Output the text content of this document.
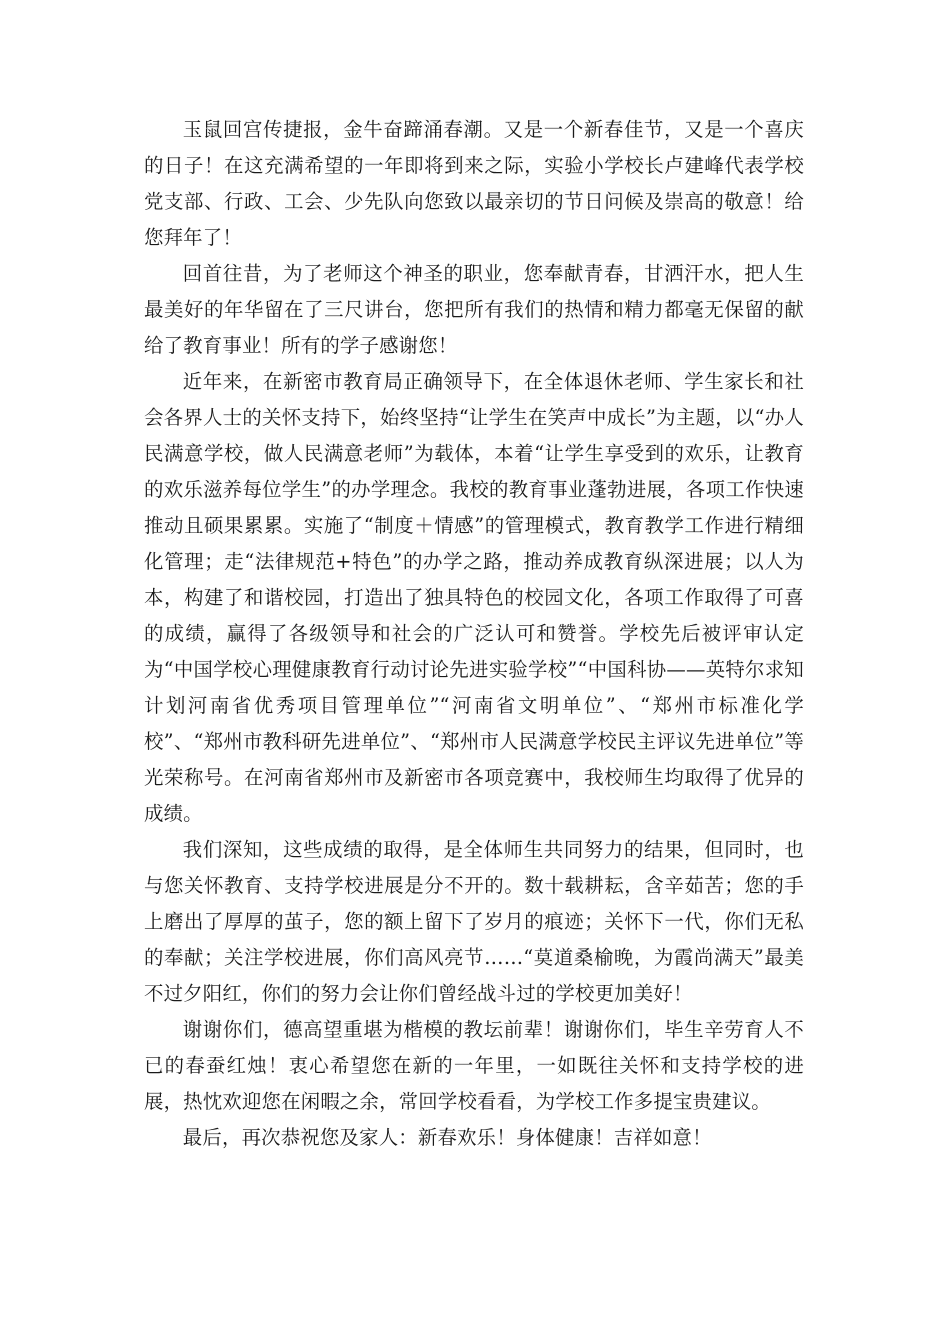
玉鼠回宫传捷报，金牛奋蹄涌春潮。又是一个新春佳节，又是一个喜庆的日子！在这充满希望的一年即将到来之际，实验小学校长卢建峰代表学校党支部、行政、工会、少先队向您致以最亲切的节日问候及崇高的敬意！给您拜年了！

回首往昔，为了老师这个神圣的职业，您奉献青春，甘洒汗水，把人生最美好的年华留在了三尺讲台，您把所有我们的热情和精力都毫无保留的献给了教育事业！所有的学子感谢您！

近年来，在新密市教育局正确领导下，在全体退休老师、学生家长和社会各界人士的关怀支持下，始终坚持“让学生在笑声中成长”为主题，以“办人民满意学校，做人民满意老师”为载体，本着“让学生享受到的欢乐，让教育的欢乐滋养每位学生”的办学理念。我校的教育事业蓬勃进展，各项工作快速推动且硕果累累。实施了“制度＋情感”的管理模式，教育教学工作进行精细化管理；走“法律规范+特色”的办学之路，推动养成教育纵深进展；以人为本，构建了和谐校园，打造出了独具特色的校园文化，各项工作取得了可喜的成绩，赢得了各级领导和社会的广泛认可和赞誉。学校先后被评审认定为“中国学校心理健康教育行动讨论先进实验学校”“中国科协——英特尔求知计划河南省优秀项目管理单位”“河南省文明单位”、“郑州市标准化学校”、“郑州市教科研先进单位”、“郑州市人民满意学校民主评议先进单位”等光荣称号。在河南省郑州市及新密市各项竞赛中，我校师生均取得了优异的成绩。

我们深知，这些成绩的取得，是全体师生共同努力的结果，但同时，也与您关怀教育、支持学校进展是分不开的。数十载耕耘，含辛茹苦；您的手上磨出了厚厚的茧子，您的额上留下了岁月的痕迹；关怀下一代，你们无私的奉献；关注学校进展，你们高风亮节……“莫道桑榆晚，为霞尚满天”最美不过夕阳红，你们的努力会让你们曾经战斗过的学校更加美好！

谢谢你们，德高望重堪为楷模的教坛前辈！谢谢你们，毕生辛劳育人不已的春蚕红烛！衷心希望您在新的一年里，一如既往关怀和支持学校的进展，热忱欢迎您在闲暇之余，常回学校看看，为学校工作多提宝贵建议。

最后，再次恭祝您及家人：新春欢乐！身体健康！吉祥如意！
